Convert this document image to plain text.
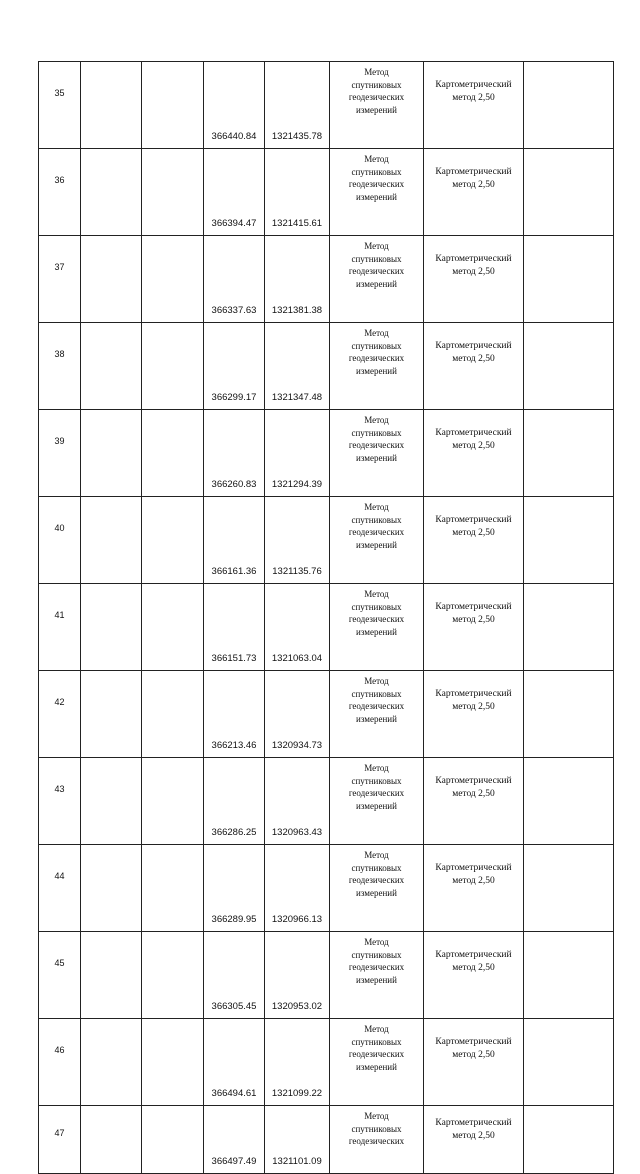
35			366440.84	1321435.78	Метод
спутниковых
геодезических
измерений	Картометрический
метод 2,50	

36			366394.47	1321415.61	Метод
спутниковых
геодезических
измерений	Картометрический
метод 2,50	

37			366337.63	1321381.38	Метод
спутниковых
геодезических
измерений	Картометрический
метод 2,50	

38			366299.17	1321347.48	Метод
спутниковых
геодезических
измерений	Картометрический
метод 2,50	

39			366260.83	1321294.39	Метод
спутниковых
геодезических
измерений	Картометрический
метод 2,50	

40			366161.36	1321135.76	Метод
спутниковых
геодезических
измерений	Картометрический
метод 2,50	

41			366151.73	1321063.04	Метод
спутниковых
геодезических
измерений	Картометрический
метод 2,50	

42			366213.46	1320934.73	Метод
спутниковых
геодезических
измерений	Картометрический
метод 2,50	

43			366286.25	1320963.43	Метод
спутниковых
геодезических
измерений	Картометрический
метод 2,50	

44			366289.95	1320966.13	Метод
спутниковых
геодезических
измерений	Картометрический
метод 2,50	

45			366305.45	1320953.02	Метод
спутниковых
геодезических
измерений	Картометрический
метод 2,50	

46			366494.61	1321099.22	Метод
спутниковых
геодезических
измерений	Картометрический
метод 2,50	

47			366497.49	1321101.09	Метод
спутниковых
геодезических	Картометрический
метод 2,50	
